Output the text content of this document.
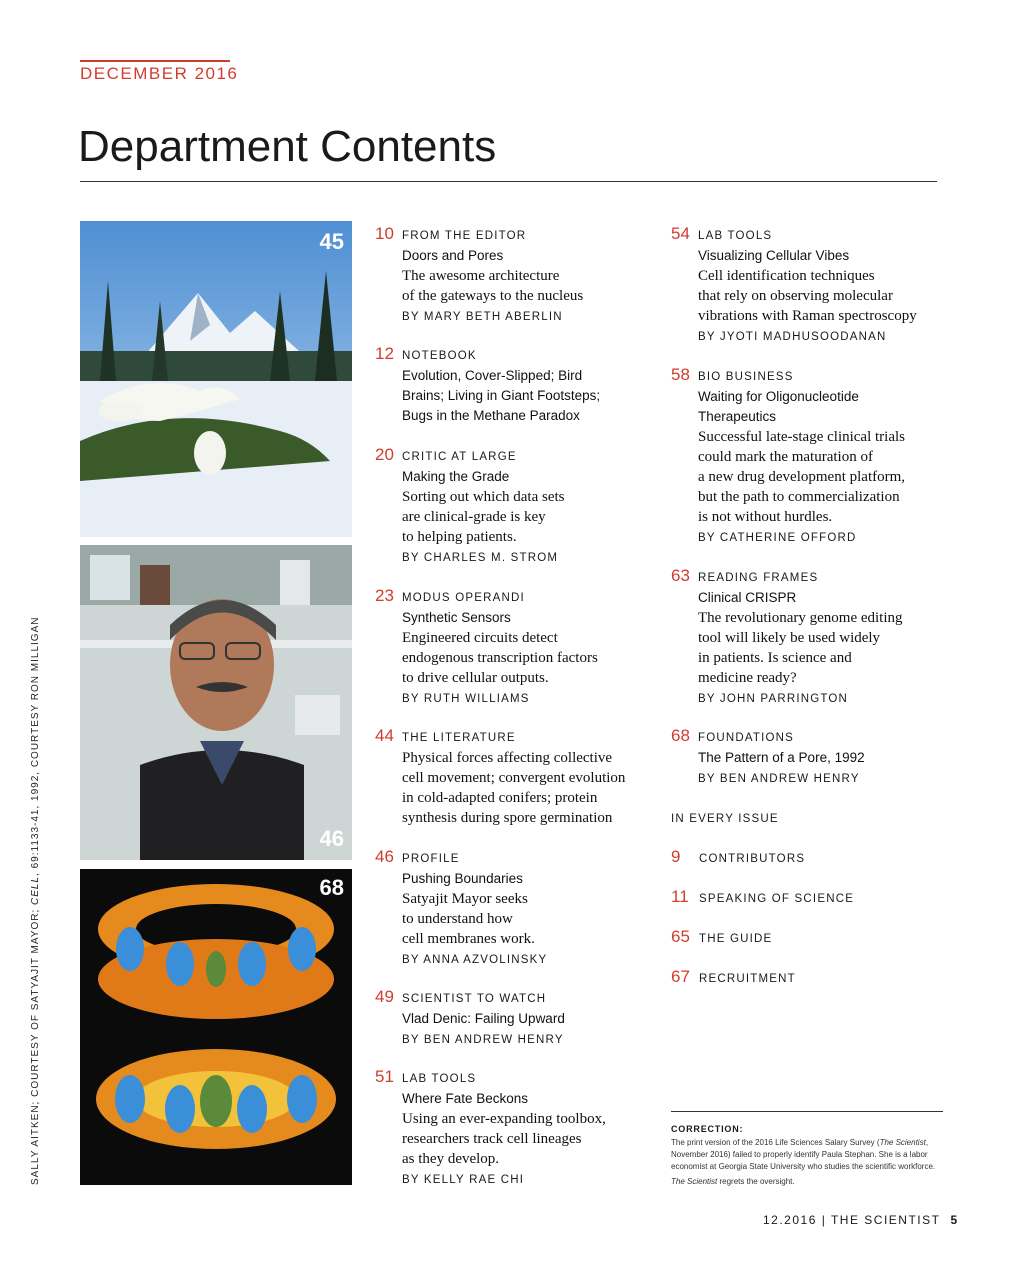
DECEMBER 2016
Department Contents
45
46
68
SALLY AITKEN; COURTESY OF SATYAJIT MAYOR; CELL, 69:1133-41, 1992, COURTESY RON MILLIGAN
10 FROM THE EDITOR
Doors and Pores
The awesome architecture
of the gateways to the nucleus
BY MARY BETH ABERLIN
12 NOTEBOOK
Evolution, Cover-Slipped; Bird
Brains; Living in Giant Footsteps;
Bugs in the Methane Paradox
20 CRITIC AT LARGE
Making the Grade
Sorting out which data sets
are clinical-grade is key
to helping patients.
BY CHARLES M. STROM
23 MODUS OPERANDI
Synthetic Sensors
Engineered circuits detect
endogenous transcription factors
to drive cellular outputs.
BY RUTH WILLIAMS
44 THE LITERATURE
Physical forces affecting collective
cell movement; convergent evolution
in cold-adapted conifers; protein
synthesis during spore germination
46 PROFILE
Pushing Boundaries
Satyajit Mayor seeks
to understand how
cell membranes work.
BY ANNA AZVOLINSKY
49 SCIENTIST TO WATCH
Vlad Denic: Failing Upward
BY BEN ANDREW HENRY
51 LAB TOOLS
Where Fate Beckons
Using an ever-expanding toolbox,
researchers track cell lineages
as they develop.
BY KELLY RAE CHI
54 LAB TOOLS
Visualizing Cellular Vibes
Cell identification techniques
that rely on observing molecular
vibrations with Raman spectroscopy
BY JYOTI MADHUSOODANAN
58 BIO BUSINESS
Waiting for Oligonucleotide
Therapeutics
Successful late-stage clinical trials
could mark the maturation of
a new drug development platform,
but the path to commercialization
is not without hurdles.
BY CATHERINE OFFORD
63 READING FRAMES
Clinical CRISPR
The revolutionary genome editing
tool will likely be used widely
in patients. Is science and
medicine ready?
BY JOHN PARRINGTON
68 FOUNDATIONS
The Pattern of a Pore, 1992
BY BEN ANDREW HENRY
IN EVERY ISSUE
9 CONTRIBUTORS
11 SPEAKING OF SCIENCE
65 THE GUIDE
67 RECRUITMENT
CORRECTION:
The print version of the 2016 Life Sciences Salary Survey (The Scientist, November 2016) failed to properly identify Paula Stephan. She is a labor economist at Georgia State University who studies the scientific workforce.
The Scientist regrets the oversight.
12.2016 | THE SCIENTIST 5
